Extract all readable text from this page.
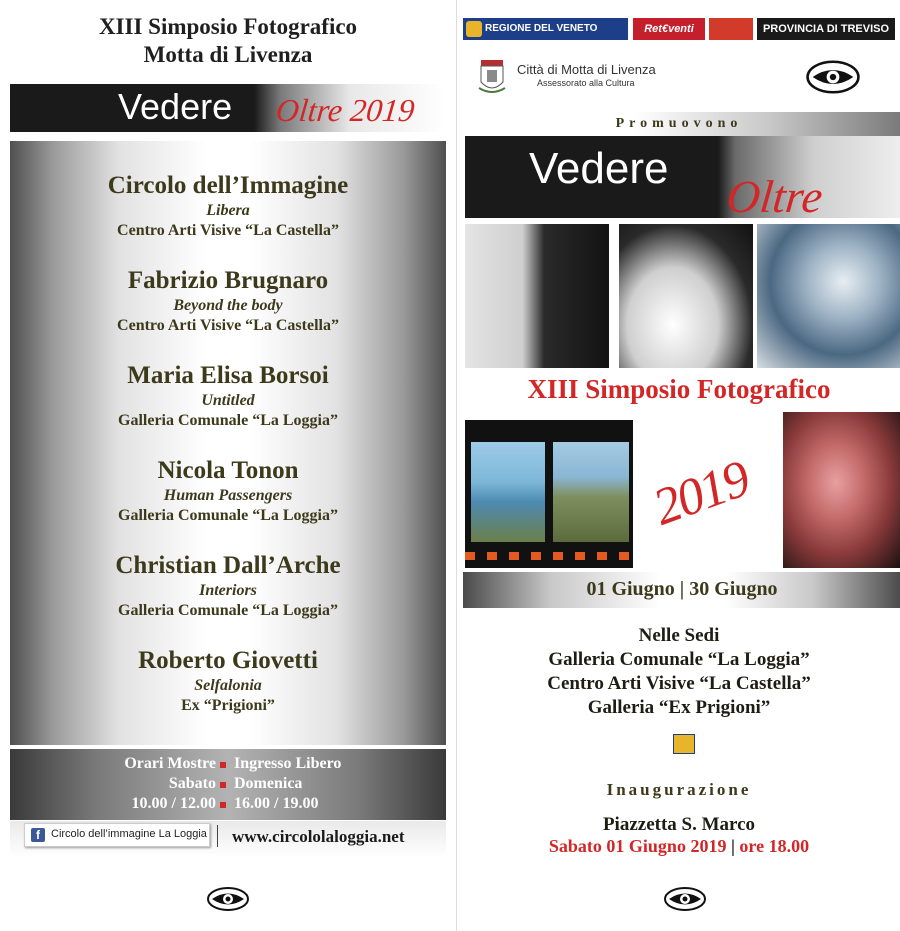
XIII Simposio Fotografico
Motta di Livenza
Vedere Oltre 2019
Circolo dell’Immagine
Libera
Centro Arti Visive “La Castella”
Fabrizio Brugnaro
Beyond the body
Centro Arti Visive “La Castella”
Maria Elisa Borsoi
Untitled
Galleria Comunale “La Loggia”
Nicola Tonon
Human Passengers
Galleria Comunale “La Loggia”
Christian Dall’Arche
Interiors
Galleria Comunale “La Loggia”
Roberto Giovetti
Selfalonia
Ex “Prigioni”
Orari Mostre Ingresso Libero
Sabato Domenica
10.00 / 12.00 16.00 / 19.00
f	Circolo dell’immagine La Loggia www.circololaloggia.net
REGIONE DEL VENETO	Ret€venti	PROVINCIA DI TREVISO
Città di Motta di Livenza
Assessorato alla Cultura
Promuovono
Vedere
Oltre
XIII Simposio Fotografico
2019
01 Giugno | 30 Giugno
Nelle Sedi
Galleria Comunale “La Loggia”
Centro Arti Visive “La Castella”
Galleria “Ex Prigioni”
Inaugurazione
Piazzetta S. Marco
Sabato 01 Giugno 2019 | ore 18.00
